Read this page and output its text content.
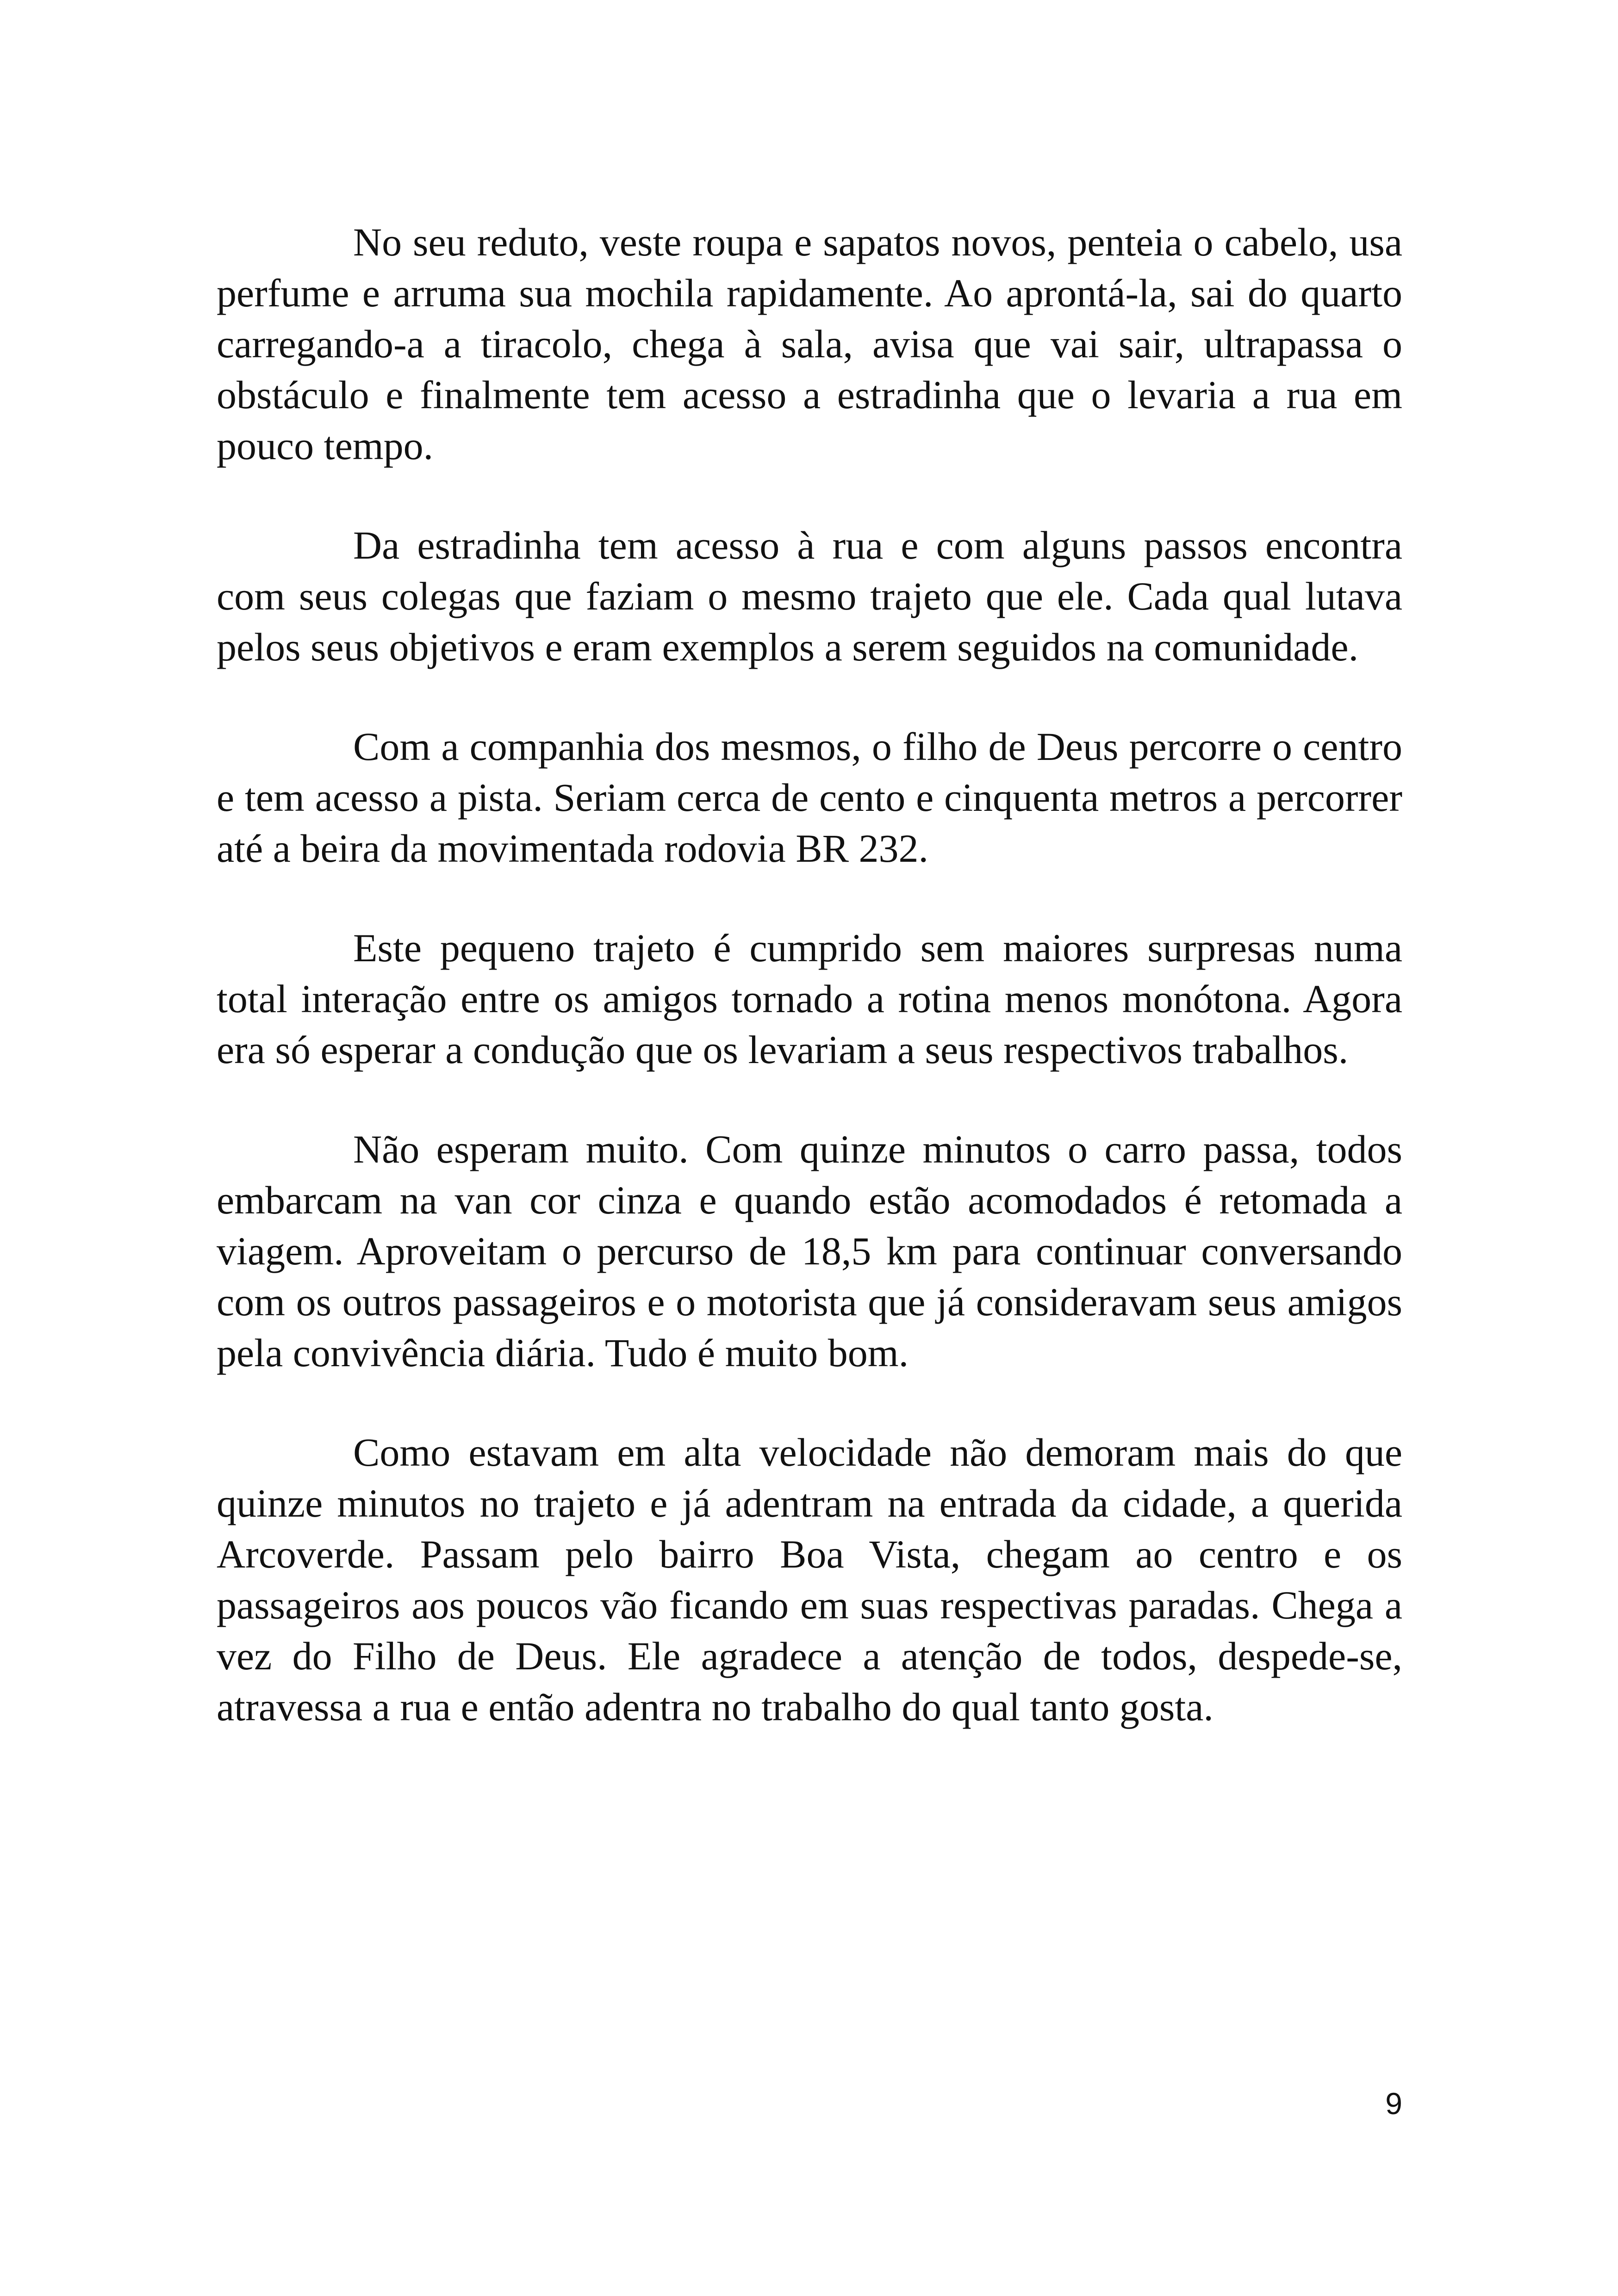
No seu reduto, veste roupa e sapatos novos, penteia o cabelo, usa perfume e arruma sua mochila rapidamente. Ao aprontá-la, sai do quarto carregando-a a tiracolo, chega à sala, avisa que vai sair, ultrapassa o obstáculo e finalmente tem acesso a estradinha que o levaria a rua em pouco tempo.

Da estradinha tem acesso à rua e com alguns passos encontra com seus colegas que faziam o mesmo trajeto que ele. Cada qual lutava pelos seus objetivos e eram exemplos a serem seguidos na comunidade.

Com a companhia dos mesmos, o filho de Deus percorre o centro e tem acesso a pista. Seriam cerca de cento e cinquenta metros a percorrer até a beira da movimentada rodovia BR 232.

Este pequeno trajeto é cumprido sem maiores surpresas numa total interação entre os amigos tornado a rotina menos monótona. Agora era só esperar a condução que os levariam a seus respectivos trabalhos.

Não esperam muito. Com quinze minutos o carro passa, todos embarcam na van cor cinza e quando estão acomodados é retomada a viagem. Aproveitam o percurso de 18,5 km para continuar conversando com os outros passageiros e o motorista que já consideravam seus amigos pela convivência diária. Tudo é muito bom.

Como estavam em alta velocidade não demoram mais do que quinze minutos no trajeto e já adentram na entrada da cidade, a querida Arcoverde. Passam pelo bairro Boa Vista, chegam ao centro e os passageiros aos poucos vão ficando em suas respectivas paradas. Chega a vez do Filho de Deus. Ele agradece a atenção de todos, despede-se, atravessa a rua e então adentra no trabalho do qual tanto gosta.

9
